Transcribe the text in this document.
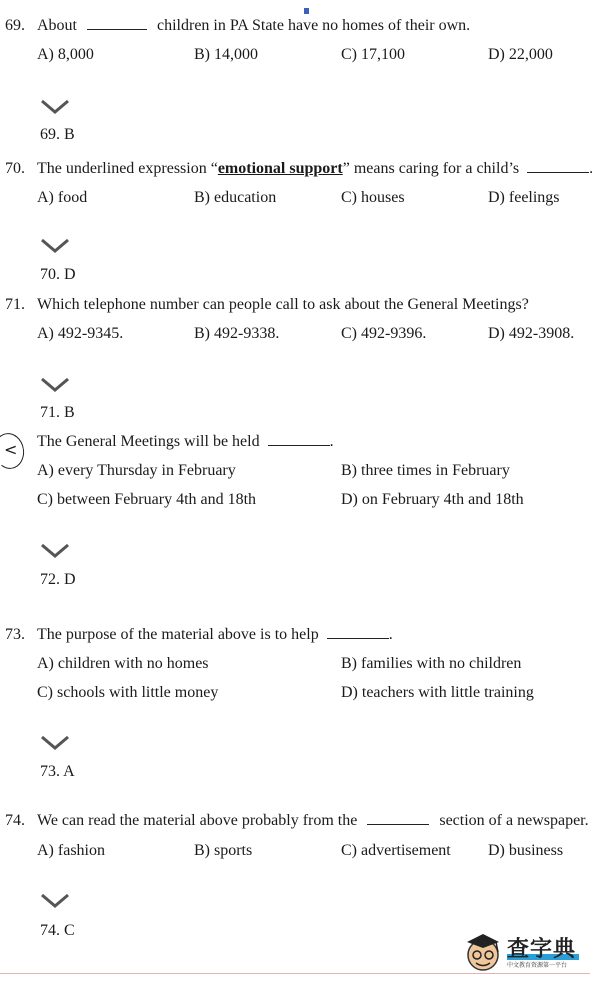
69. About	children in PA State have no homes of their own.
A) 8,000	B) 14,000	C) 17,100	D) 22,000
69. B
70. The underlined expression “emotional support” means caring for a child’s	.
A) food	B) education	C) houses	D) feelings
70. D
71. Which telephone number can people call to ask about the General Meetings?
A) 492-9345.	B) 492-9338.	C) 492-9396.	D) 492-3908.
71. B
< The General Meetings will be held	.
A) every Thursday in February	B) three times in February
C) between February 4th and 18th	D) on February 4th and 18th
72. D
73. The purpose of the material above is to help	.
A) children with no homes	B) families with no children
C) schools with little money	D) teachers with little training
73. A
74. We can read the material above probably from the	section of a newspaper.
A) fashion	B) sports	C) advertisement D) business
74. C
查字典
中文教育资源第一平台
